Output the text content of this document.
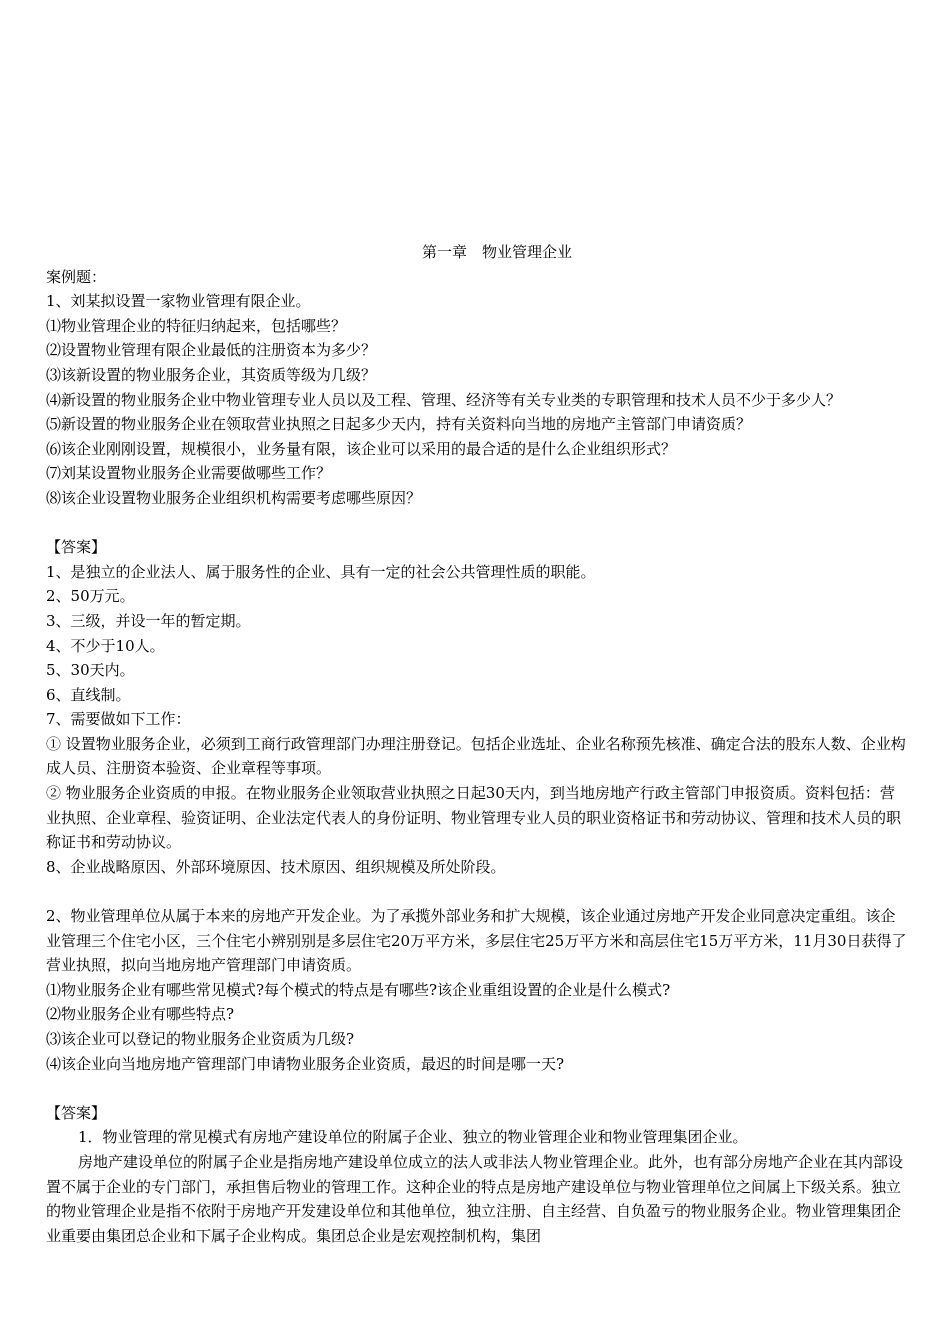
第一章　物业管理企业

案例题：

1、刘某拟设置一家物业管理有限企业。

⑴物业管理企业的特征归纳起来，包括哪些？

⑵设置物业管理有限企业最低的注册资本为多少？

⑶该新设置的物业服务企业，其资质等级为几级？

⑷新设置的物业服务企业中物业管理专业人员以及工程、管理、经济等有关专业类的专职管理和技术人员不少于多少人？

⑸新设置的物业服务企业在领取营业执照之日起多少天内，持有关资料向当地的房地产主管部门申请资质？

⑹该企业刚刚设置，规模很小，业务量有限，该企业可以采用的最合适的是什么企业组织形式？

⑺刘某设置物业服务企业需要做哪些工作？

⑻该企业设置物业服务企业组织机构需要考虑哪些原因？

【答案】

1、是独立的企业法人、属于服务性的企业、具有一定的社会公共管理性质的职能。

2、50万元。

3、三级，并设一年的暂定期。

4、不少于10人。

5、30天内。

6、直线制。

7、需要做如下工作：

① 设置物业服务企业，必须到工商行政管理部门办理注册登记。包括企业选址、企业名称预先核准、确定合法的股东人数、企业构成人员、注册资本验资、企业章程等事项。

② 物业服务企业资质的申报。在物业服务企业领取营业执照之日起30天内，到当地房地产行政主管部门申报资质。资料包括：营业执照、企业章程、验资证明、企业法定代表人的身份证明、物业管理专业人员的职业资格证书和劳动协议、管理和技术人员的职称证书和劳动协议。

8、企业战略原因、外部环境原因、技术原因、组织规模及所处阶段。

2、物业管理单位从属于本来的房地产开发企业。为了承揽外部业务和扩大规模，该企业通过房地产开发企业同意决定重组。该企业管理三个住宅小区，三个住宅小辨别别是多层住宅20万平方米，多层住宅25万平方米和高层住宅15万平方米，11月30日获得了营业执照，拟向当地房地产管理部门申请资质。

⑴物业服务企业有哪些常见模式?每个模式的特点是有哪些?该企业重组设置的企业是什么模式?

⑵物业服务企业有哪些特点?

⑶该企业可以登记的物业服务企业资质为几级?

⑷该企业向当地房地产管理部门申请物业服务企业资质，最迟的时间是哪一天?

【答案】

1．物业管理的常见模式有房地产建设单位的附属子企业、独立的物业管理企业和物业管理集团企业。

房地产建设单位的附属子企业是指房地产建设单位成立的法人或非法人物业管理企业。此外，也有部分房地产企业在其内部设置不属于企业的专门部门，承担售后物业的管理工作。这种企业的特点是房地产建设单位与物业管理单位之间属上下级关系。独立的物业管理企业是指不依附于房地产开发建设单位和其他单位，独立注册、自主经营、自负盈亏的物业服务企业。物业管理集团企业重要由集团总企业和下属子企业构成。集团总企业是宏观控制机构，集团
